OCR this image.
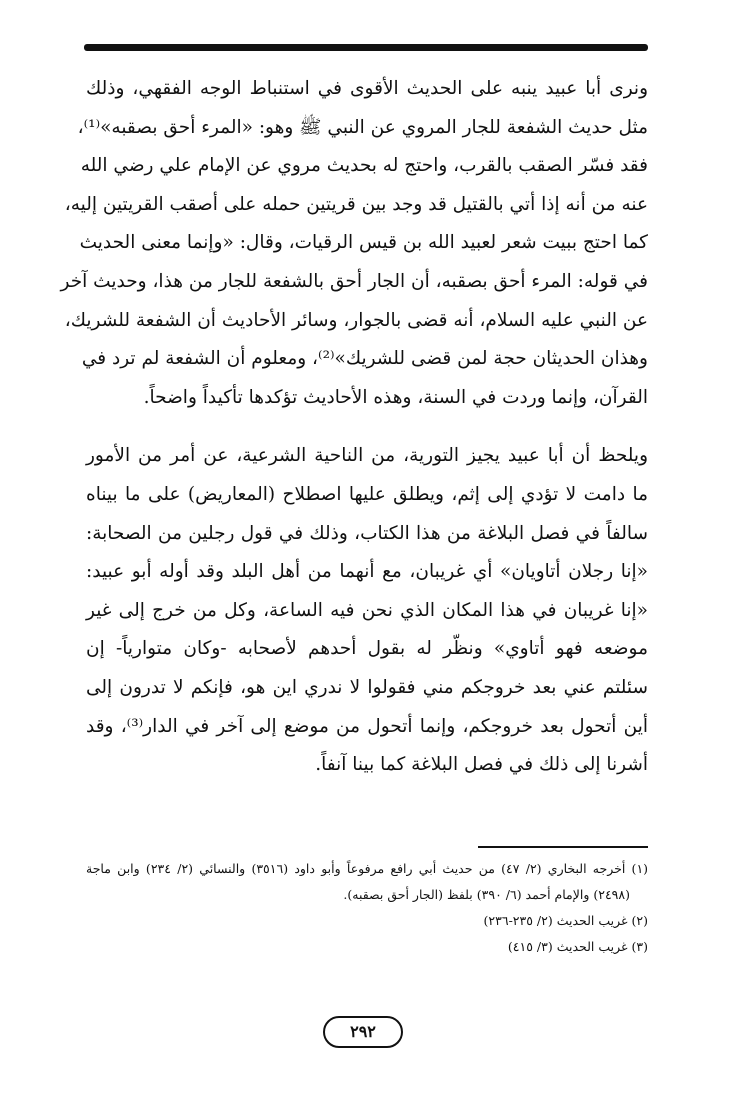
ونرى أبا عبيد ينبه على الحديث الأقوى في استنباط الوجه الفقهي، وذلك
مثل حديث الشفعة للجار المروي عن النبي ﷺ وهو: «المرء أحق بصقبه»⁽¹⁾،
فقد فسّر الصقب بالقرب، واحتج له بحديث مروي عن الإمام علي رضي الله
عنه من أنه إذا أتي بالقتيل قد وجد بين قريتين حمله على أصقب القريتين إليه،
كما احتج ببيت شعر لعبيد الله بن قيس الرقيات، وقال: «وإنما معنى الحديث
في قوله: المرء أحق بصقبه، أن الجار أحق بالشفعة للجار من هذا، وحديث آخر
عن النبي عليه السلام، أنه قضى بالجوار، وسائر الأحاديث أن الشفعة للشريك،
وهذان الحديثان حجة لمن قضى للشريك»⁽²⁾، ومعلوم أن الشفعة لم ترد في
القرآن، وإنما وردت في السنة، وهذه الأحاديث تؤكدها تأكيداً واضحاً.
ويلحظ أن أبا عبيد يجيز التورية، من الناحية الشرعية، عن أمر من الأمور
ما دامت لا تؤدي إلى إثم، ويطلق عليها اصطلاح (المعاريض) على ما بيناه
سالفاً في فصل البلاغة من هذا الكتاب، وذلك في قول رجلين من الصحابة:
«إنا رجلان أتاويان» أي غريبان، مع أنهما من أهل البلد وقد أوله أبو عبيد:
«إنا غريبان في هذا المكان الذي نحن فيه الساعة، وكل من خرج إلى غير
موضعه فهو أتاوي» ونظّر له بقول أحدهم لأصحابه -وكان متوارياً- إن
سئلتم عني بعد خروجكم مني فقولوا لا ندري اين هو، فإنكم لا تدرون إلى
أين أتحول بعد خروجكم، وإنما أتحول من موضع إلى آخر في الدار⁽³⁾، وقد
أشرنا إلى ذلك في فصل البلاغة كما بينا آنفاً.
(١) أخرجه البخاري (٢/ ٤٧) من حديث أبي رافع مرفوعاً وأبو داود (٣٥١٦) والنسائي (٢/ ٢٣٤) وابن ماجة
(٢٤٩٨) والإمام أحمد (٦/ ٣٩٠) بلفظ (الجار أحق بصقبه).
(٢) غريب الحديث (٢/ ٢٣٥-٢٣٦)
(٣) غريب الحديث (٣/ ٤١٥)
٢٩٢
